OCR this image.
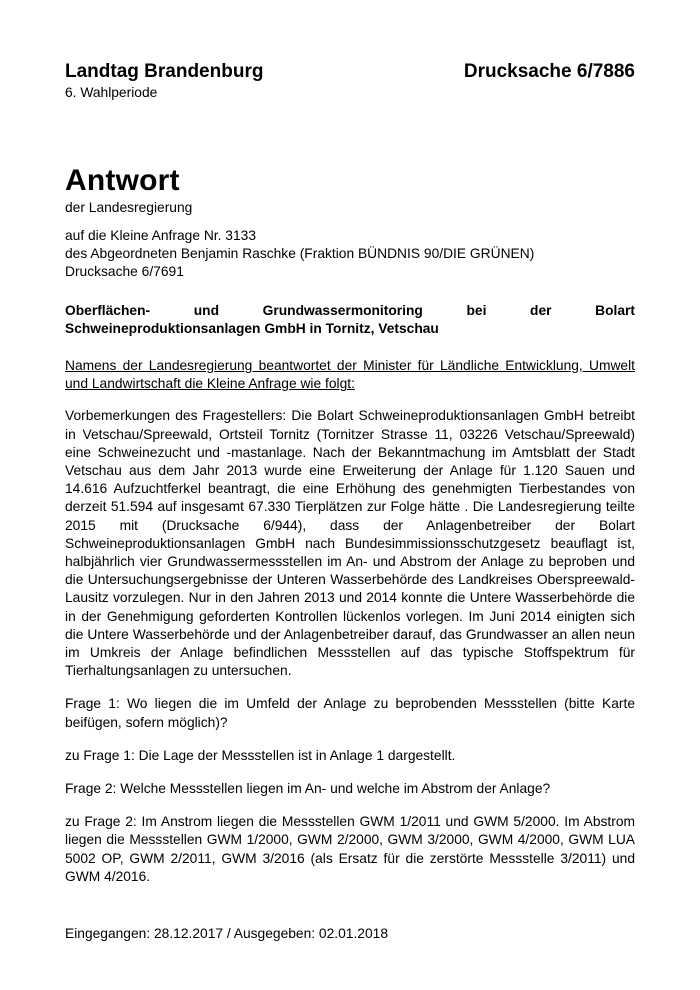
Landtag Brandenburg	Drucksache 6/7886
6. Wahlperiode
Antwort
der Landesregierung
auf die Kleine Anfrage Nr. 3133
des Abgeordneten Benjamin Raschke (Fraktion BÜNDNIS 90/DIE GRÜNEN)
Drucksache 6/7691
Oberflächen- und Grundwassermonitoring bei der Bolart Schweineproduktionsanlagen GmbH in Tornitz, Vetschau
Namens der Landesregierung beantwortet der Minister für Ländliche Entwicklung, Umwelt und Landwirtschaft die Kleine Anfrage wie folgt:
Vorbemerkungen des Fragestellers: Die Bolart Schweineproduktionsanlagen GmbH betreibt in Vetschau/Spreewald, Ortsteil Tornitz (Tornitzer Strasse 11, 03226 Vetschau/Spreewald) eine Schweinezucht und -mastanlage. Nach der Bekanntmachung im Amtsblatt der Stadt Vetschau aus dem Jahr 2013 wurde eine Erweiterung der Anlage für 1.120 Sauen und 14.616 Aufzuchtferkel beantragt, die eine Erhöhung des genehmigten Tierbestandes von derzeit 51.594 auf insgesamt 67.330 Tierplätzen zur Folge hätte . Die Landesregierung teilte 2015 mit (Drucksache 6/944), dass der Anlagenbetreiber der Bolart Schweineproduktionsanlagen GmbH nach Bundesimmissionsschutzgesetz beauflagt ist, halbjährlich vier Grundwassermessstellen im An- und Abstrom der Anlage zu beproben und die Untersuchungsergebnisse der Unteren Wasserbehörde des Landkreises Oberspreewald-Lausitz vorzulegen. Nur in den Jahren 2013 und 2014 konnte die Untere Wasserbehörde die in der Genehmigung geforderten Kontrollen lückenlos vorlegen. Im Juni 2014 einigten sich die Untere Wasserbehörde und der Anlagenbetreiber darauf, das Grundwasser an allen neun im Umkreis der Anlage befindlichen Messstellen auf das typische Stoffspektrum für Tierhaltungsanlagen zu untersuchen.
Frage 1: Wo liegen die im Umfeld der Anlage zu beprobenden Messstellen (bitte Karte beifügen, sofern möglich)?
zu Frage 1: Die Lage der Messstellen ist in Anlage 1 dargestellt.
Frage 2: Welche Messstellen liegen im An- und welche im Abstrom der Anlage?
zu Frage 2: Im Anstrom liegen die Messstellen GWM 1/2011 und GWM 5/2000. Im Abstrom liegen die Messstellen GWM 1/2000, GWM 2/2000, GWM 3/2000, GWM 4/2000, GWM LUA 5002 OP, GWM 2/2011, GWM 3/2016 (als Ersatz für die zerstörte Messstelle 3/2011) und GWM 4/2016.
Eingegangen: 28.12.2017 / Ausgegeben: 02.01.2018
